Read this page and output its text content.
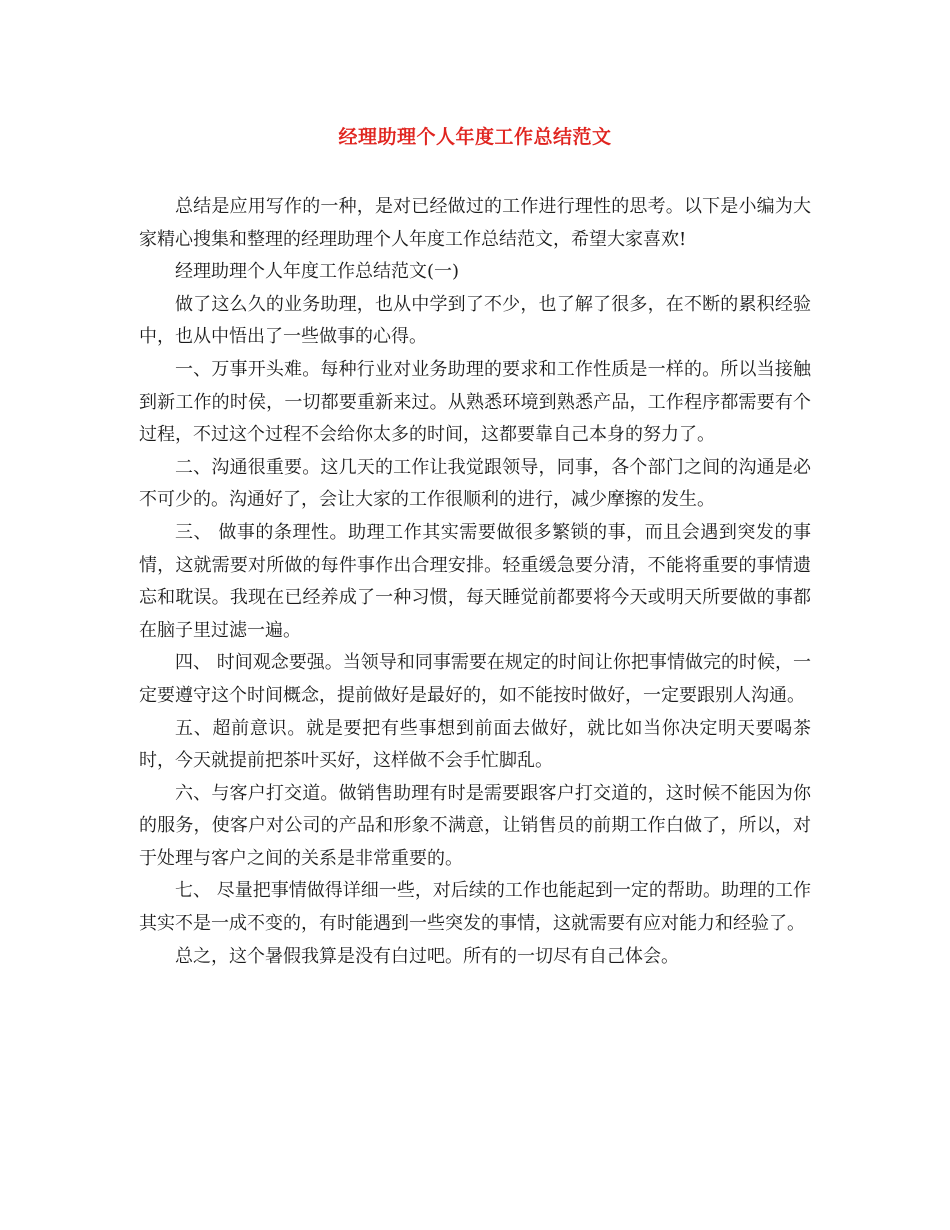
经理助理个人年度工作总结范文

总结是应用写作的一种，是对已经做过的工作进行理性的思考。以下是小编为大家精心搜集和整理的经理助理个人年度工作总结范文，希望大家喜欢!

经理助理个人年度工作总结范文(一)

做了这么久的业务助理，也从中学到了不少，也了解了很多，在不断的累积经验中，也从中悟出了一些做事的心得。

一、万事开头难。每种行业对业务助理的要求和工作性质是一样的。所以当接触到新工作的时侯，一切都要重新来过。从熟悉环境到熟悉产品，工作程序都需要有个过程，不过这个过程不会给你太多的时间，这都要靠自己本身的努力了。

二、沟通很重要。这几天的工作让我觉跟领导，同事，各个部门之间的沟通是必不可少的。沟通好了，会让大家的工作很顺利的进行，减少摩擦的发生。

三、 做事的条理性。助理工作其实需要做很多繁锁的事，而且会遇到突发的事情，这就需要对所做的每件事作出合理安排。轻重缓急要分清，不能将重要的事情遗忘和耽误。我现在已经养成了一种习惯，每天睡觉前都要将今天或明天所要做的事都在脑子里过滤一遍。

四、 时间观念要强。当领导和同事需要在规定的时间让你把事情做完的时候，一定要遵守这个时间概念，提前做好是最好的，如不能按时做好，一定要跟别人沟通。

五、超前意识。就是要把有些事想到前面去做好，就比如当你决定明天要喝茶时，今天就提前把茶叶买好，这样做不会手忙脚乱。

六、与客户打交道。做销售助理有时是需要跟客户打交道的，这时候不能因为你的服务，使客户对公司的产品和形象不满意，让销售员的前期工作白做了，所以，对于处理与客户之间的关系是非常重要的。

七、 尽量把事情做得详细一些，对后续的工作也能起到一定的帮助。助理的工作其实不是一成不变的，有时能遇到一些突发的事情，这就需要有应对能力和经验了。

总之，这个暑假我算是没有白过吧。所有的一切尽有自己体会。
